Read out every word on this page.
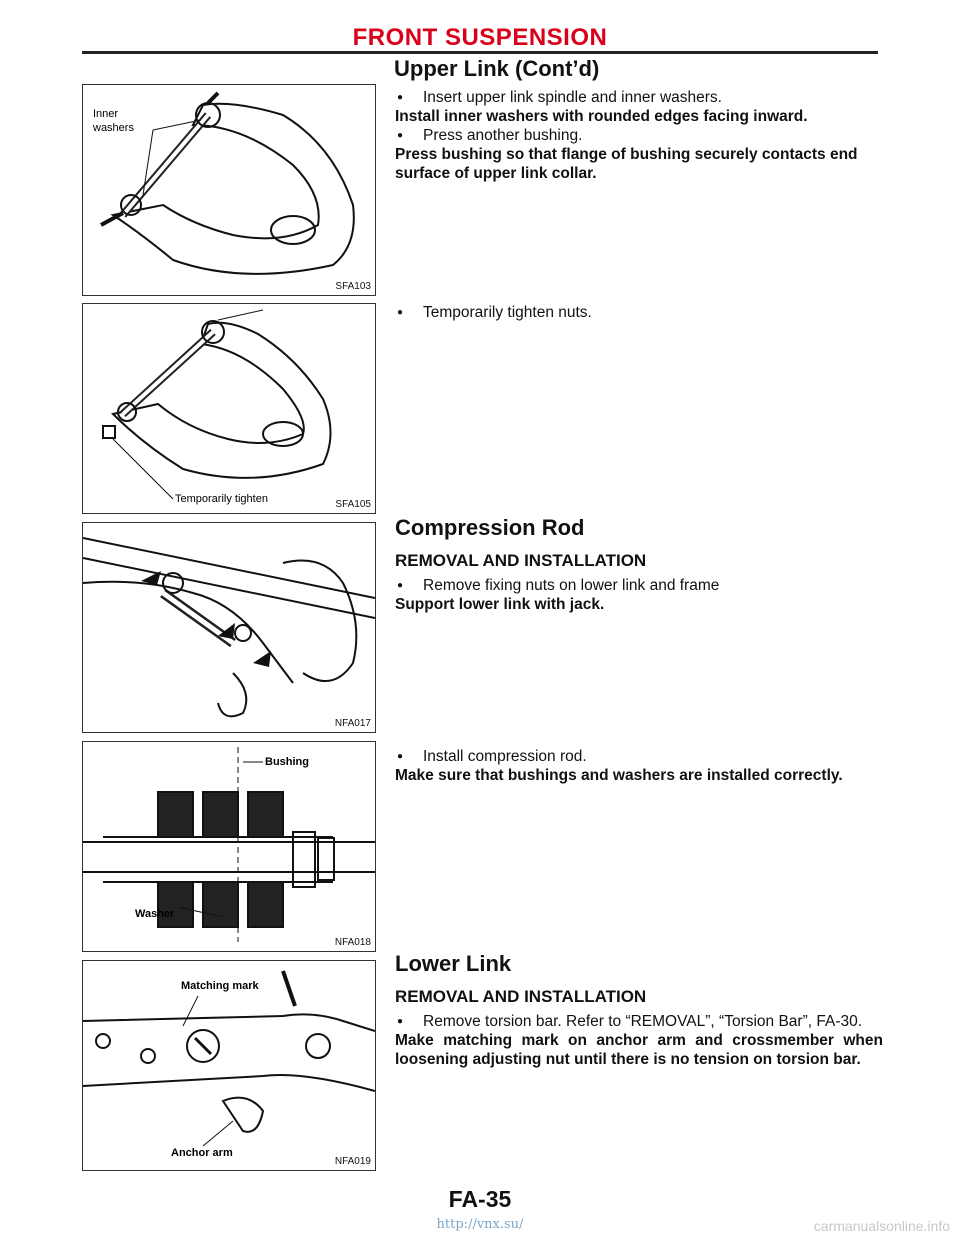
FRONT SUSPENSION
Upper Link (Cont’d)
Inner
washers
SFA103
Temporarily tighten	SFA105
NFA017
Bushing
Washer
NFA018
Matching mark
Anchor arm
NFA019
● Insert upper link spindle and inner washers.
Install inner washers with rounded edges facing inward.
● Press another bushing.
Press bushing so that flange of bushing securely contacts end surface of upper link collar.
● Temporarily tighten nuts.
Compression Rod
REMOVAL AND INSTALLATION
● Remove fixing nuts on lower link and frame
Support lower link with jack.
● Install compression rod.
Make sure that bushings and washers are installed correctly.
Lower Link
REMOVAL AND INSTALLATION
● Remove torsion bar. Refer to “REMOVAL”, “Torsion Bar”, FA-30.
Make matching mark on anchor arm and crossmember when loosening adjusting nut until there is no tension on torsion bar.
FA-35
http://vnx.su/	carmanualsonline.info
